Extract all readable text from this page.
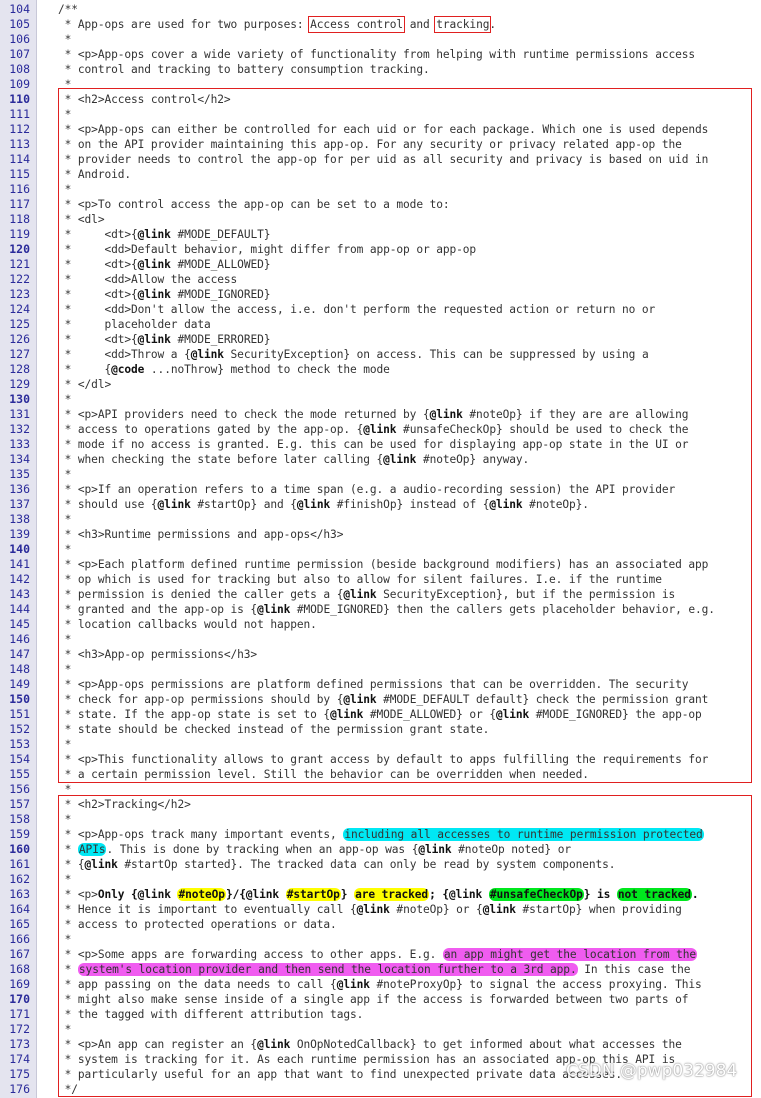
104	/**
105	* App-ops are used for two purposes: Access control and tracking.
106	*
107	* <p>App-ops cover a wide variety of functionality from helping with runtime permissions access
108	* control and tracking to battery consumption tracking.
109	*
110	* <h2>Access control</h2>
111	*
112	* <p>App-ops can either be controlled for each uid or for each package. Which one is used depends
113	* on the API provider maintaining this app-op. For any security or privacy related app-op the
114	* provider needs to control the app-op for per uid as all security and privacy is based on uid in
115	* Android.
116	*
117	* <p>To control access the app-op can be set to a mode to:
118	* <dl>
119	*     <dt>{@link #MODE_DEFAULT}
120	*     <dd>Default behavior, might differ from app-op or app-op
121	*     <dt>{@link #MODE_ALLOWED}
122	*     <dd>Allow the access
123	*     <dt>{@link #MODE_IGNORED}
124	*     <dd>Don't allow the access, i.e. don't perform the requested action or return no or
125	*     placeholder data
126	*     <dt>{@link #MODE_ERRORED}
127	*     <dd>Throw a {@link SecurityException} on access. This can be suppressed by using a
128	*     {@code ...noThrow} method to check the mode
129	* </dl>
130	*
131	* <p>API providers need to check the mode returned by {@link #noteOp} if they are are allowing
132	* access to operations gated by the app-op. {@link #unsafeCheckOp} should be used to check the
133	* mode if no access is granted. E.g. this can be used for displaying app-op state in the UI or
134	* when checking the state before later calling {@link #noteOp} anyway.
135	*
136	* <p>If an operation refers to a time span (e.g. a audio-recording session) the API provider
137	* should use {@link #startOp} and {@link #finishOp} instead of {@link #noteOp}.
138	*
139	* <h3>Runtime permissions and app-ops</h3>
140	*
141	* <p>Each platform defined runtime permission (beside background modifiers) has an associated app
142	* op which is used for tracking but also to allow for silent failures. I.e. if the runtime
143	* permission is denied the caller gets a {@link SecurityException}, but if the permission is
144	* granted and the app-op is {@link #MODE_IGNORED} then the callers gets placeholder behavior, e.g.
145	* location callbacks would not happen.
146	*
147	* <h3>App-op permissions</h3>
148	*
149	* <p>App-ops permissions are platform defined permissions that can be overridden. The security
150	* check for app-op permissions should by {@link #MODE_DEFAULT default} check the permission grant
151	* state. If the app-op state is set to {@link #MODE_ALLOWED} or {@link #MODE_IGNORED} the app-op
152	* state should be checked instead of the permission grant state.
153	*
154	* <p>This functionality allows to grant access by default to apps fulfilling the requirements for
155	* a certain permission level. Still the behavior can be overridden when needed.
156	*
157	* <h2>Tracking</h2>
158	*
159	* <p>App-ops track many important events, including all accesses to runtime permission protected
160	* APIs. This is done by tracking when an app-op was {@link #noteOp noted} or
161	* {@link #startOp started}. The tracked data can only be read by system components.
162	*
163	* <p>Only {@link #noteOp}/{@link #startOp} are tracked; {@link #unsafeCheckOp} is not tracked.
164	* Hence it is important to eventually call {@link #noteOp} or {@link #startOp} when providing
165	* access to protected operations or data.
166	*
167	* <p>Some apps are forwarding access to other apps. E.g. an app might get the location from the
168	* system's location provider and then send the location further to a 3rd app. In this case the
169	* app passing on the data needs to call {@link #noteProxyOp} to signal the access proxying. This
170	* might also make sense inside of a single app if the access is forwarded between two parts of
171	* the tagged with different attribution tags.
172	*
173	* <p>An app can register an {@link OnOpNotedCallback} to get informed about what accesses the
174	* system is tracking for it. As each runtime permission has an associated app-op this API is
175	* particularly useful for an app that want to find unexpected private data accesses.
176	*/
CSDN @pwp032984
